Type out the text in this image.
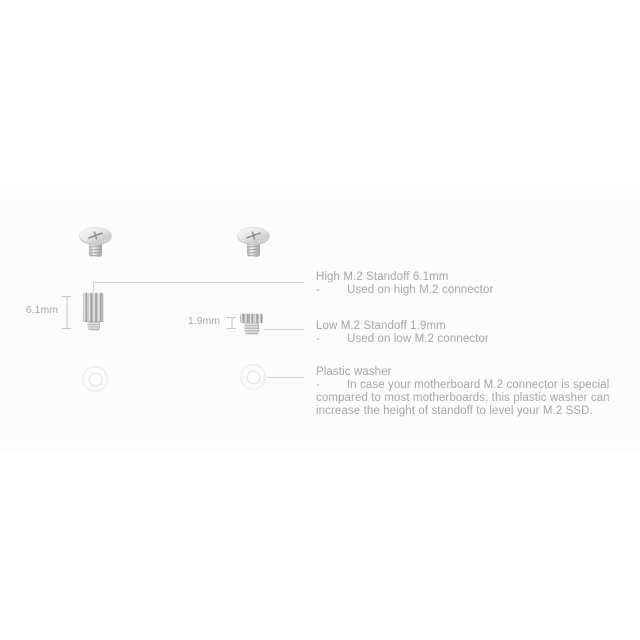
6.1mm
1.9mm
High M.2 Standoff 6.1mm
- Used on high M.2 connector
Low M.2 Standoff 1.9mm
- Used on low M.2 connector
Plastic washer
- In case your motherboard M.2 connector is special
compared to most motherboards, this plastic washer can
increase the height of standoff to level your M.2 SSD.
